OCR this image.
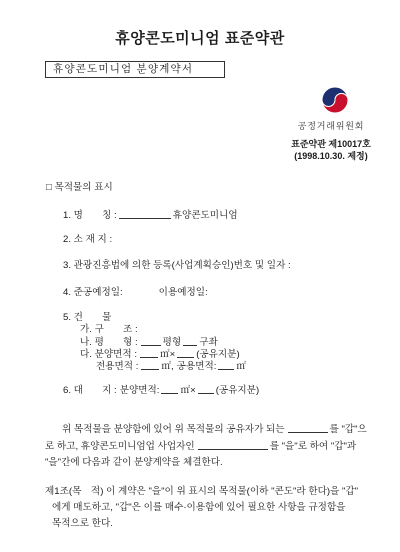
휴양콘도미니엄 표준약관
휴양콘도미니엄 분양계약서
공정거래위원회
표준약관 제10017호
(1998.10.30. 제정)
□ 목적물의 표시
1. 명　　칭 :	휴양콘도미니엄
2. 소 재 지 :
3. 관광진흥법에 의한 등록(사업계획승인)번호 및 일자 :
4. 준공예정일:	이용예정일:
5. 건　　물
가. 구　　조 :
나. 평　　형 :	평형 구좌
다. 분양면적 : ㎡× (공유지분)
전용면적 : ㎡, 공용면적: ㎡
6. 대　　지 : 분양면적: ㎡× (공유지분)
위 목적물을 분양함에 있어 위 목적물의 공유자가 되는	를 "갑"으
로 하고, 휴양콘도미니엄업 사업자인	를 "을"로 하여 "갑"과
"을"간에 다음과 같이 분양계약을 체결한다.
제1조(목　적) 이 계약은 "을"이 위 표시의 목적물(이하 "콘도"라 한다)을 "갑"
에게 매도하고, "갑"은 이를 매수·이용함에 있어 필요한 사항을 규정함을
목적으로 한다.
